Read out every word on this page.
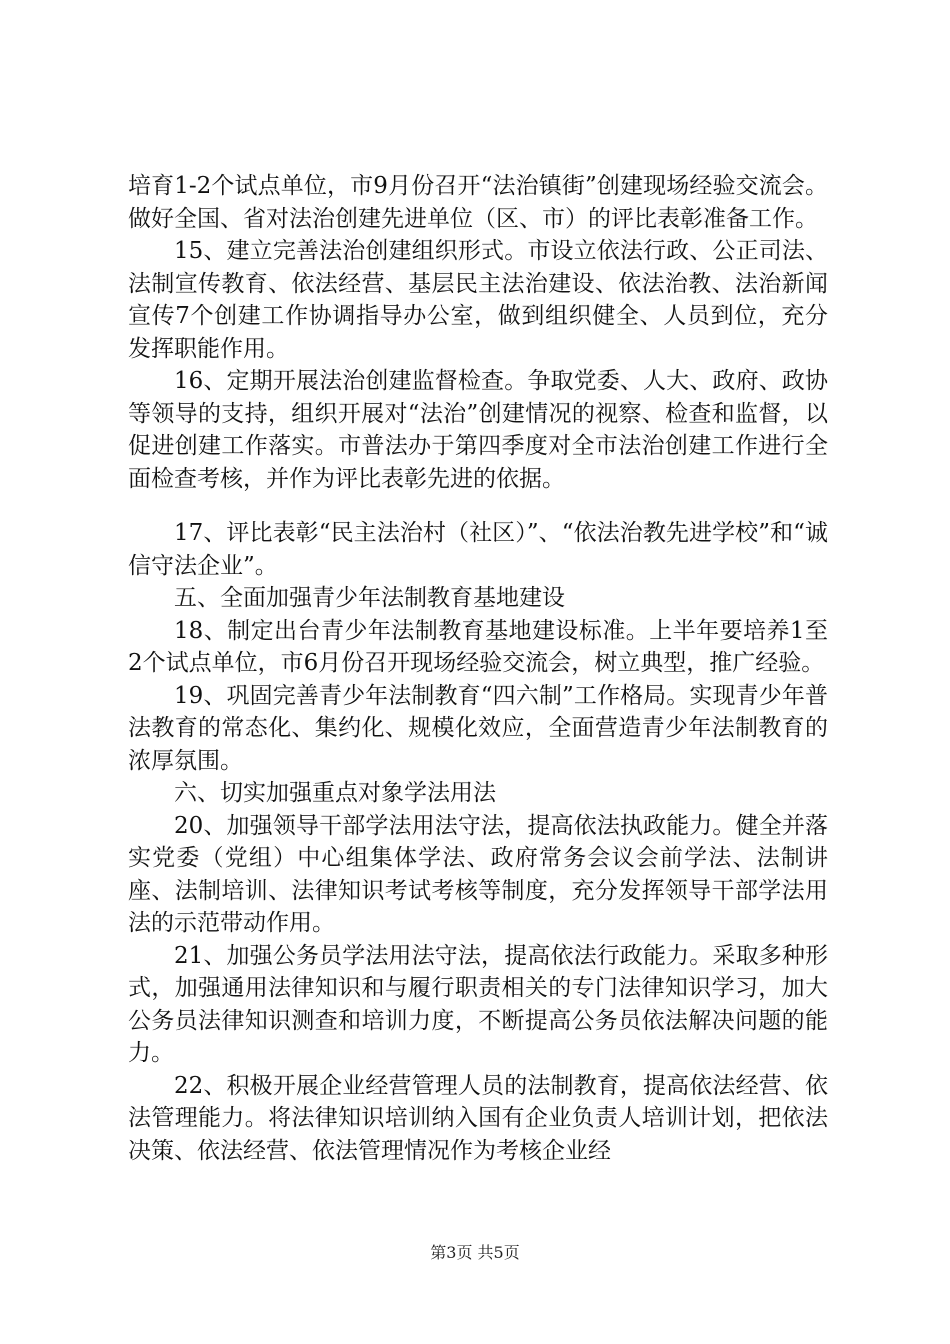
培育1-2个试点单位，市9月份召开“法治镇街”创建现场经验交流会。做好全国、省对法治创建先进单位（区、市）的评比表彰准备工作。

15、建立完善法治创建组织形式。市设立依法行政、公正司法、法制宣传教育、依法经营、基层民主法治建设、依法治教、法治新闻宣传7个创建工作协调指导办公室，做到组织健全、人员到位，充分发挥职能作用。

16、定期开展法治创建监督检查。争取党委、人大、政府、政协等领导的支持，组织开展对“法治”创建情况的视察、检查和监督，以促进创建工作落实。市普法办于第四季度对全市法治创建工作进行全面检查考核，并作为评比表彰先进的依据。

17、评比表彰“民主法治村（社区）”、“依法治教先进学校”和“诚信守法企业”。

五、全面加强青少年法制教育基地建设

18、制定出台青少年法制教育基地建设标准。上半年要培养1至2个试点单位，市6月份召开现场经验交流会，树立典型，推广经验。

19、巩固完善青少年法制教育“四六制”工作格局。实现青少年普法教育的常态化、集约化、规模化效应，全面营造青少年法制教育的浓厚氛围。

六、切实加强重点对象学法用法

20、加强领导干部学法用法守法，提高依法执政能力。健全并落实党委（党组）中心组集体学法、政府常务会议会前学法、法制讲座、法制培训、法律知识考试考核等制度，充分发挥领导干部学法用法的示范带动作用。

21、加强公务员学法用法守法，提高依法行政能力。采取多种形式，加强通用法律知识和与履行职责相关的专门法律知识学习，加大公务员法律知识测查和培训力度，不断提高公务员依法解决问题的能力。

22、积极开展企业经营管理人员的法制教育，提高依法经营、依法管理能力。将法律知识培训纳入国有企业负责人培训计划，把依法决策、依法经营、依法管理情况作为考核企业经

第3页 共5页
